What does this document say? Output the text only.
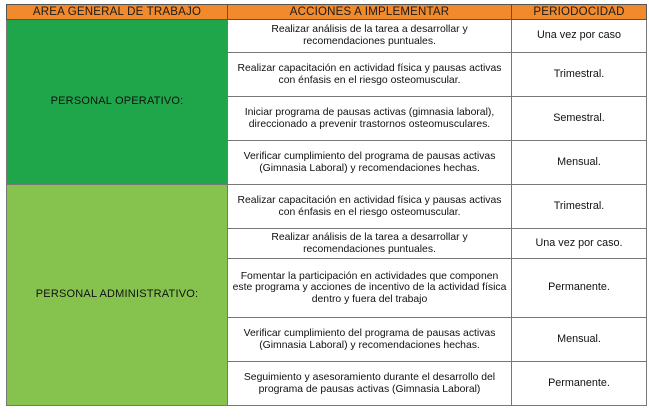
AREA GENERAL DE TRABAJO	ACCIONES A IMPLEMENTAR	PERIODOCIDAD
PERSONAL OPERATIVO:	Realizar análisis de la tarea a desarrollar y recomendaciones puntuales.	Una vez por caso
	Realizar capacitación en actividad física y pausas activas con énfasis en el riesgo osteomuscular.	Trimestral.
	Iniciar programa de pausas activas (gimnasia laboral), direccionado a prevenir trastornos osteomusculares.	Semestral.
	Verificar cumplimiento del programa de pausas activas (Gimnasia Laboral) y recomendaciones hechas.	Mensual.
PERSONAL ADMINISTRATIVO:	Realizar capacitación en actividad física y pausas activas con énfasis en el riesgo osteomuscular.	Trimestral.
	Realizar análisis de la tarea a desarrollar y recomendaciones puntuales.	Una vez por caso.
	Fomentar la participación en actividades que componen este programa y acciones de incentivo de la actividad física dentro y fuera del trabajo	Permanente.
	Verificar cumplimiento del programa de pausas activas (Gimnasia Laboral) y recomendaciones hechas.	Mensual.
	Seguimiento y asesoramiento durante el desarrollo del programa de pausas activas (Gimnasia Laboral)	Permanente.
